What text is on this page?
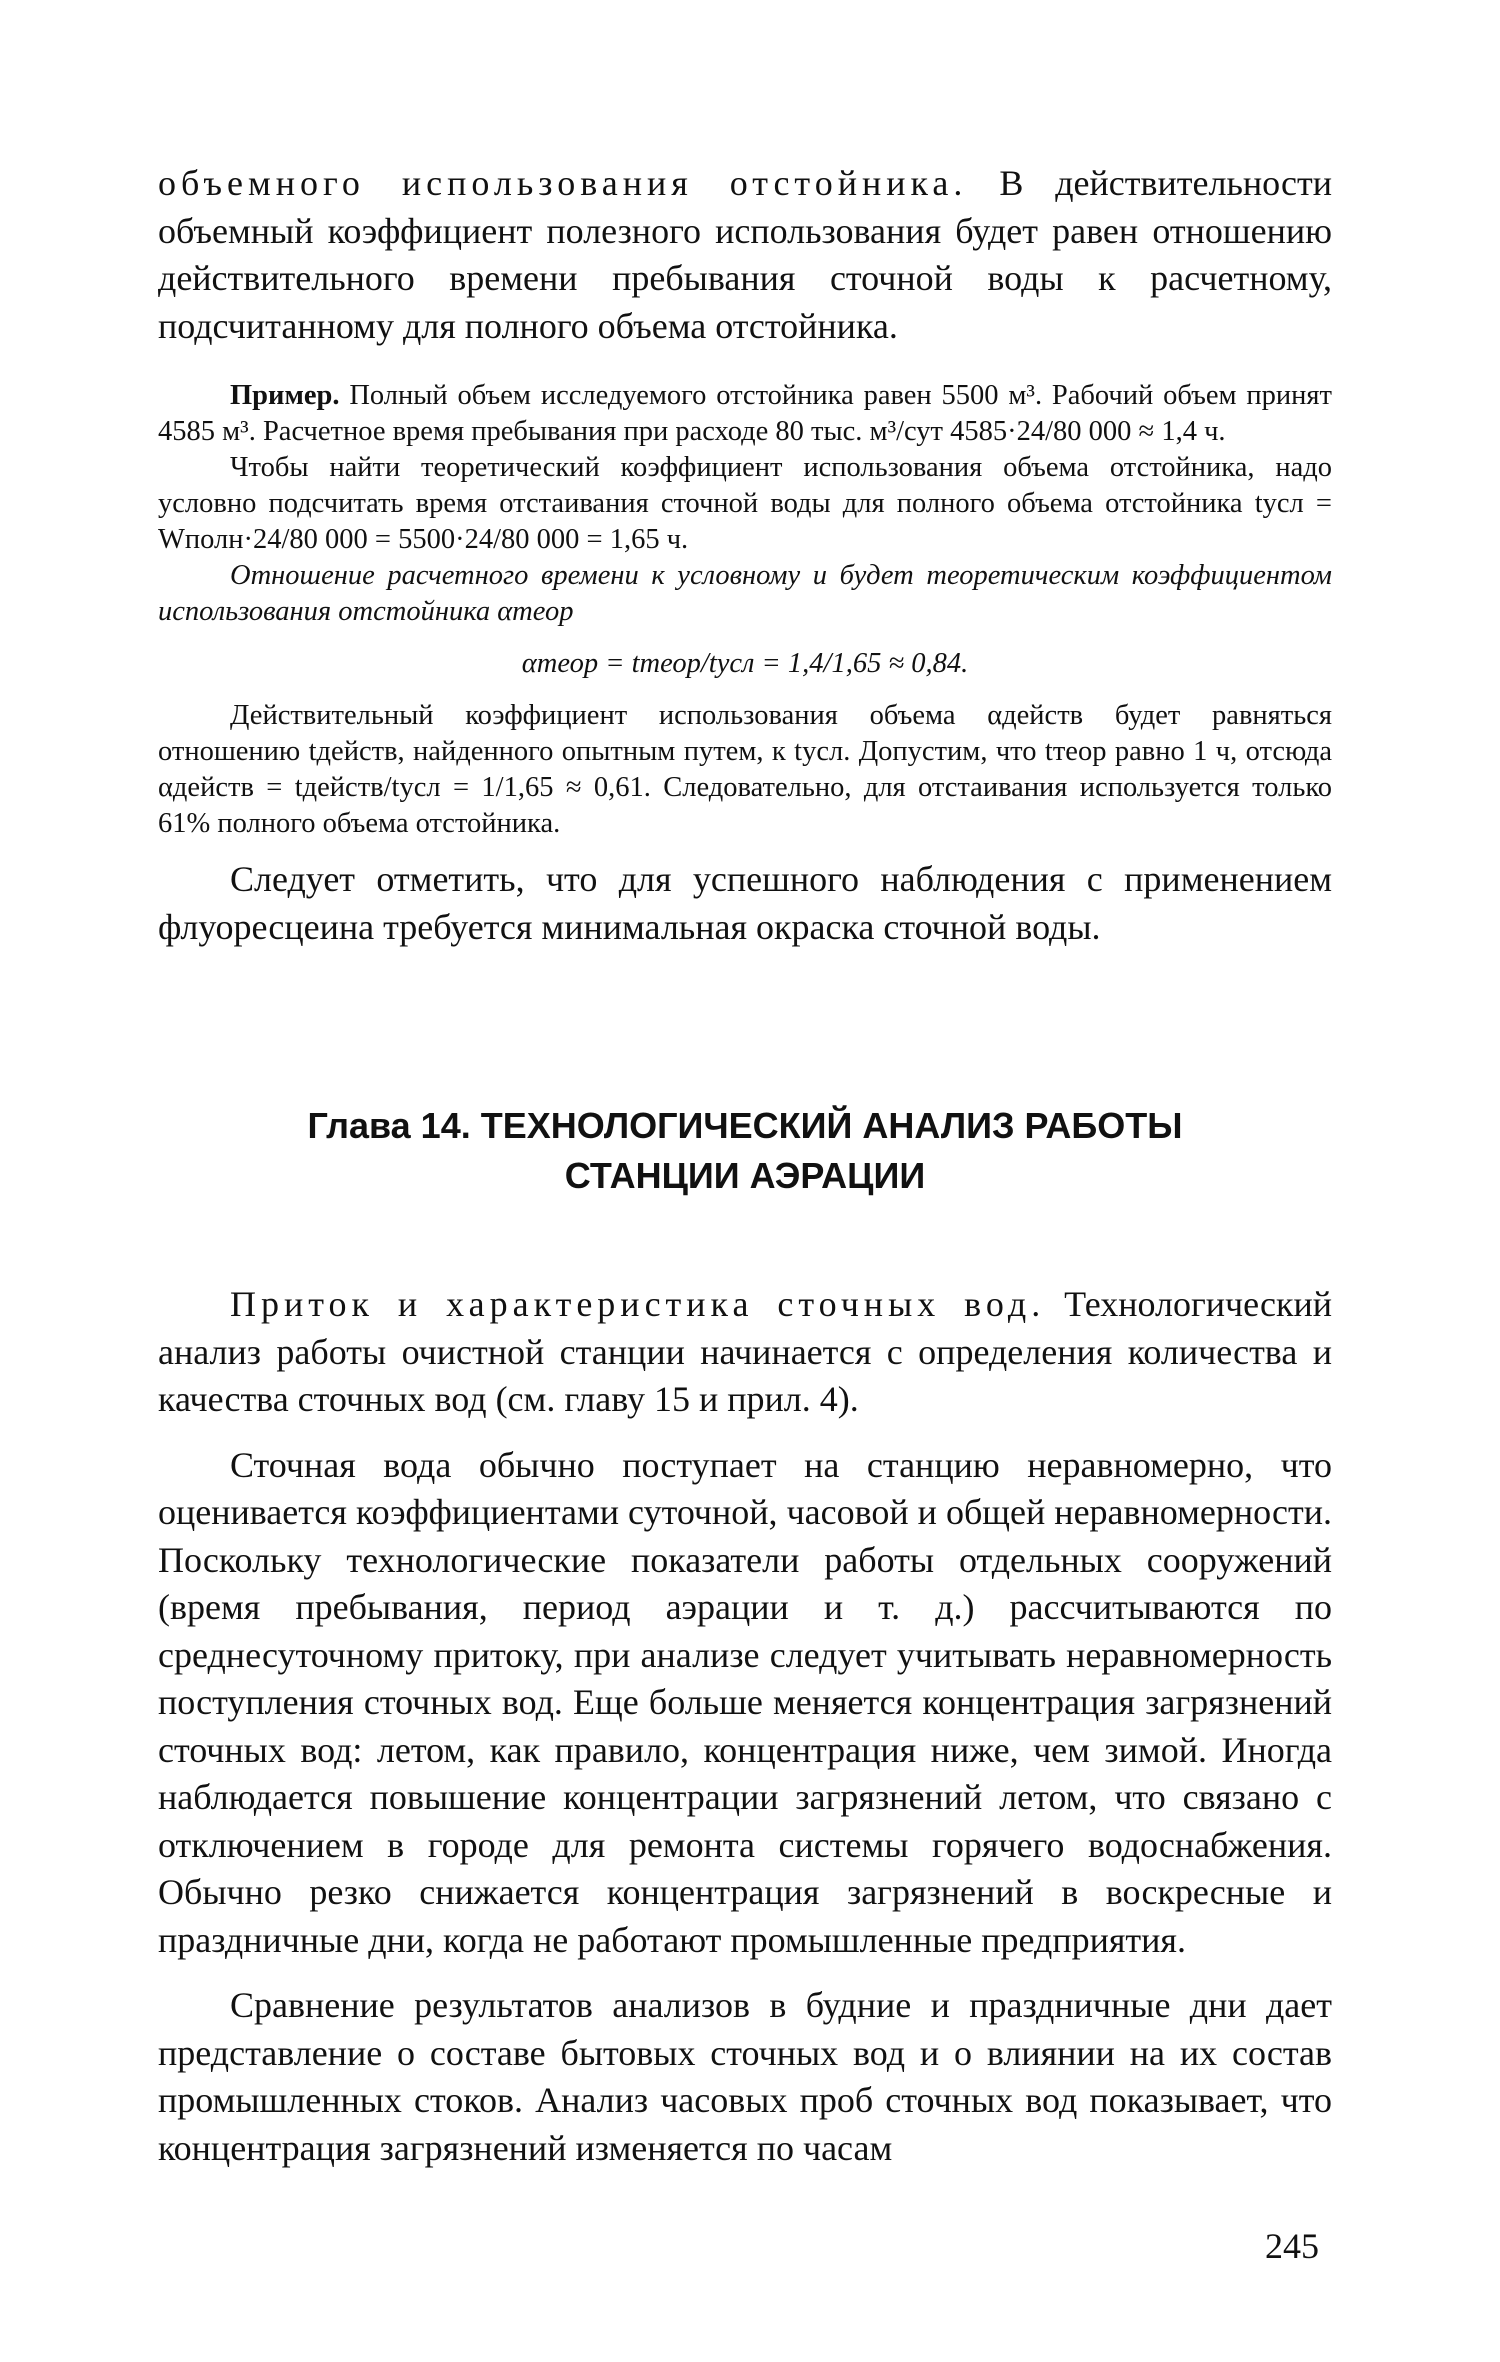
объемного использования отстойника. В действительности объемный коэффициент полезного использования будет равен отношению действительного времени пребывания сточной воды к расчетному, подсчитанному для полного объема отстойника.

Пример. Полный объем исследуемого отстойника равен 5500 м³. Рабочий объем принят 4585 м³. Расчетное время пребывания при расходе 80 тыс. м³/сут 4585·24/80 000 ≈ 1,4 ч.

Чтобы найти теоретический коэффициент использования объема отстойника, надо условно подсчитать время отстаивания сточной воды для полного объема отстойника tусл = Wполн·24/80 000 = 5500·24/80 000 = 1,65 ч.

Отношение расчетного времени к условному и будет теоретическим коэффициентом использования отстойника αтеор

αтеор = tтеор/tусл = 1,4/1,65 ≈ 0,84.

Действительный коэффициент использования объема αдейств будет равняться отношению tдейств, найденного опытным путем, к tусл. Допустим, что tтеор равно 1 ч, отсюда αдейств = tдейств/tусл = 1/1,65 ≈ 0,61. Следовательно, для отстаивания используется только 61% полного объема отстойника.

Следует отметить, что для успешного наблюдения с применением флуоресцеина требуется минимальная окраска сточной воды.

Глава 14. ТЕХНОЛОГИЧЕСКИЙ АНАЛИЗ РАБОТЫ
СТАНЦИИ АЭРАЦИИ

Приток и характеристика сточных вод. Технологический анализ работы очистной станции начинается с определения количества и качества сточных вод (см. главу 15 и прил. 4).

Сточная вода обычно поступает на станцию неравномерно, что оценивается коэффициентами суточной, часовой и общей неравномерности. Поскольку технологические показатели работы отдельных сооружений (время пребывания, период аэрации и т. д.) рассчитываются по среднесуточному притоку, при анализе следует учитывать неравномерность поступления сточных вод. Еще больше меняется концентрация загрязнений сточных вод: летом, как правило, концентрация ниже, чем зимой. Иногда наблюдается повышение концентрации загрязнений летом, что связано с отключением в городе для ремонта системы горячего водоснабжения. Обычно резко снижается концентрация загрязнений в воскресные и праздничные дни, когда не работают промышленные предприятия.

Сравнение результатов анализов в будние и праздничные дни дает представление о составе бытовых сточных вод и о влиянии на их состав промышленных стоков. Анализ часовых проб сточных вод показывает, что концентрация загрязнений изменяется по часам

245
